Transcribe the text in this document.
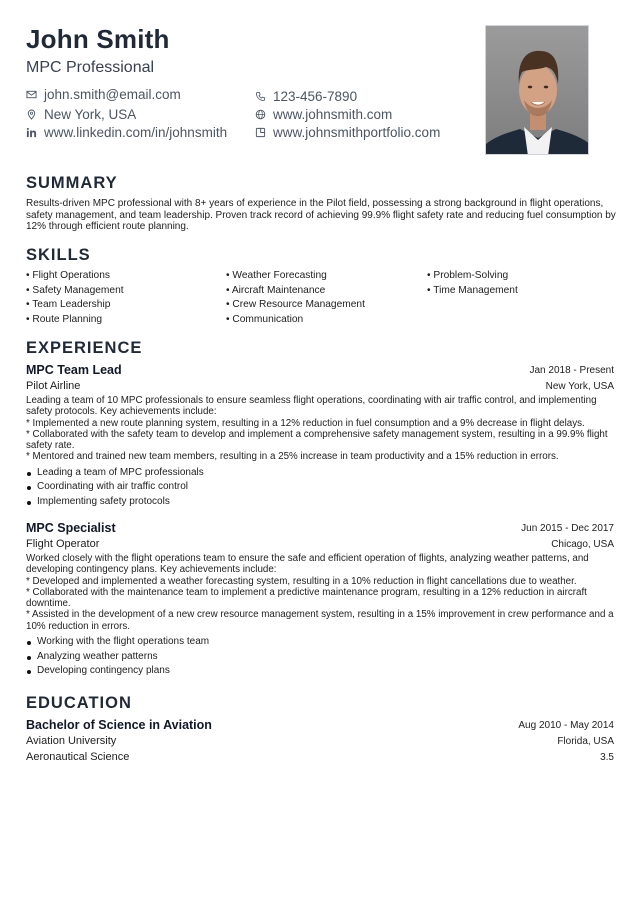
John Smith
MPC Professional
john.smith@email.com	123-456-7890
New York, USA	www.johnsmith.com
www.linkedin.com/in/johnsmith	www.johnsmithportfolio.com
SUMMARY
Results-driven MPC professional with 8+ years of experience in the Pilot field, possessing a strong background in flight operations, safety management, and team leadership. Proven track record of achieving 99.9% flight safety rate and reducing fuel consumption by 12% through efficient route planning.
SKILLS
• Flight Operations	• Weather Forecasting	• Problem-Solving
• Safety Management	• Aircraft Maintenance	• Time Management
• Team Leadership	• Crew Resource Management
• Route Planning	• Communication
EXPERIENCE
MPC Team Lead	Jan 2018 - Present
Pilot Airline	New York, USA
Leading a team of 10 MPC professionals to ensure seamless flight operations, coordinating with air traffic control, and implementing safety protocols. Key achievements include:
* Implemented a new route planning system, resulting in a 12% reduction in fuel consumption and a 9% decrease in flight delays.
* Collaborated with the safety team to develop and implement a comprehensive safety management system, resulting in a 99.9% flight safety rate.
* Mentored and trained new team members, resulting in a 25% increase in team productivity and a 15% reduction in errors.
Leading a team of MPC professionals
Coordinating with air traffic control
Implementing safety protocols
MPC Specialist	Jun 2015 - Dec 2017
Flight Operator	Chicago, USA
Worked closely with the flight operations team to ensure the safe and efficient operation of flights, analyzing weather patterns, and developing contingency plans. Key achievements include:
* Developed and implemented a weather forecasting system, resulting in a 10% reduction in flight cancellations due to weather.
* Collaborated with the maintenance team to implement a predictive maintenance program, resulting in a 12% reduction in aircraft downtime.
* Assisted in the development of a new crew resource management system, resulting in a 15% improvement in crew performance and a 10% reduction in errors.
Working with the flight operations team
Analyzing weather patterns
Developing contingency plans
EDUCATION
Bachelor of Science in Aviation	Aug 2010 - May 2014
Aviation University	Florida, USA
Aeronautical Science	3.5
